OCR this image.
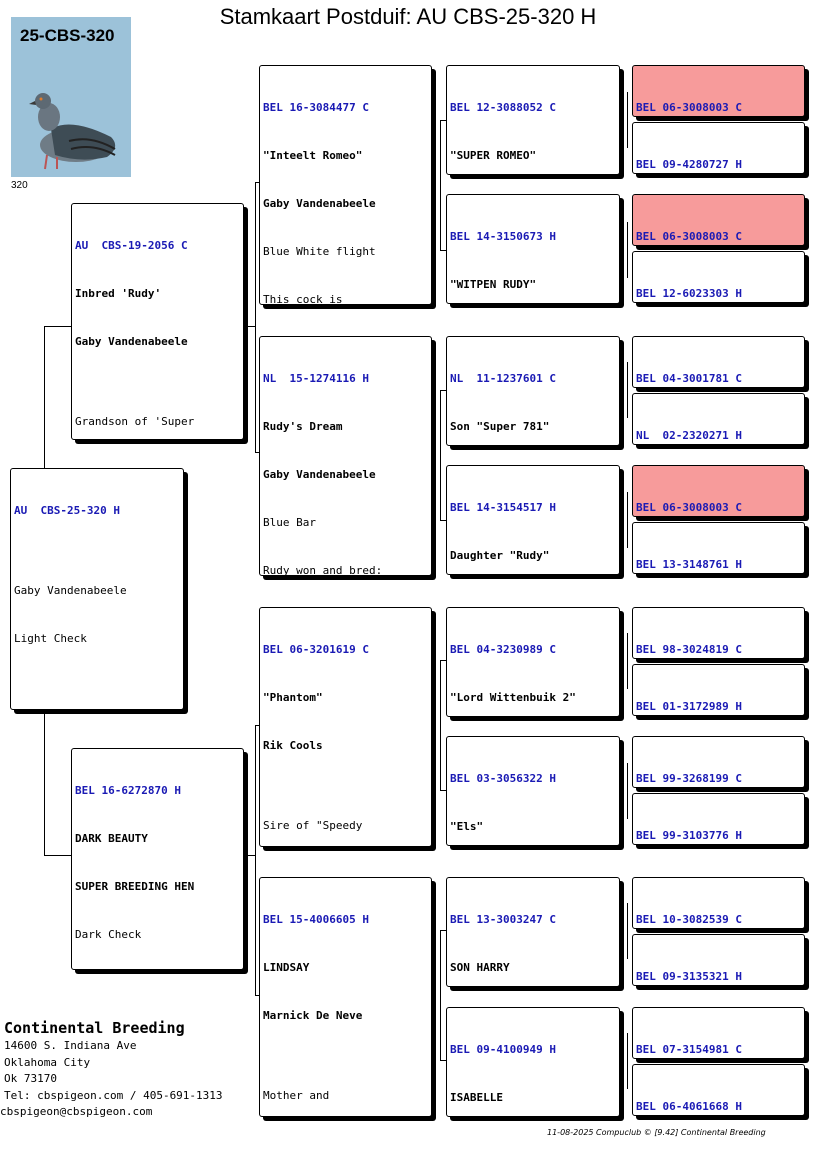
Stamkaart Postduif: AU CBS-25-320 H
25-CBS-320
320

AU  CBS-25-320 H

Gaby Vandenabeele

Light Check

AU  CBS-19-2056 C

Inbred 'Rudy'

Gaby Vandenabeele

Grandson of 'Super

BEL 16-6272870 H

DARK BEAUTY

SUPER BREEDING HEN

Dark Check

BEL 16-3084477 C

"Inteelt Romeo"

Gaby Vandenabeele

Blue White flight

This cock is

NL  15-1274116 H

Rudy's Dream

Gaby Vandenabeele

Blue Bar

Rudy won and bred:

BEL 06-3201619 C

"Phantom"

Rik Cools

Sire of "Speedy

BEL 15-4006605 H

LINDSAY

Marnick De Neve

Mother and

BEL 12-3088052 C

"SUPER ROMEO"

BEL 14-3150673 H

"WITPEN RUDY"

NL  11-1237601 C

Son "Super 781"

BEL 14-3154517 H

Daughter "Rudy"

BEL 04-3230989 C

"Lord Wittenbuik 2"

BEL 03-3056322 H

"Els"

BEL 13-3003247 C

SON HARRY

BEL 09-4100949 H

ISABELLE

BEL 06-3008003 C

BEL 09-4280727 H

BEL 06-3008003 C

BEL 12-6023303 H

BEL 04-3001781 C

NL  02-2320271 H

BEL 06-3008003 C

BEL 13-3148761 H

BEL 98-3024819 C

BEL 01-3172989 H

BEL 99-3268199 C

BEL 99-3103776 H

BEL 10-3082539 C

BEL 09-3135321 H

BEL 07-3154981 C

BEL 06-4061668 H

Continental Breeding
14600 S. Indiana Ave
Oklahoma City
Ok 73170
Tel: cbspigeon.com / 405-691-1313
cbspigeon@cbspigeon.com
11-08-2025 Compuclub © [9.42] Continental Breeding
